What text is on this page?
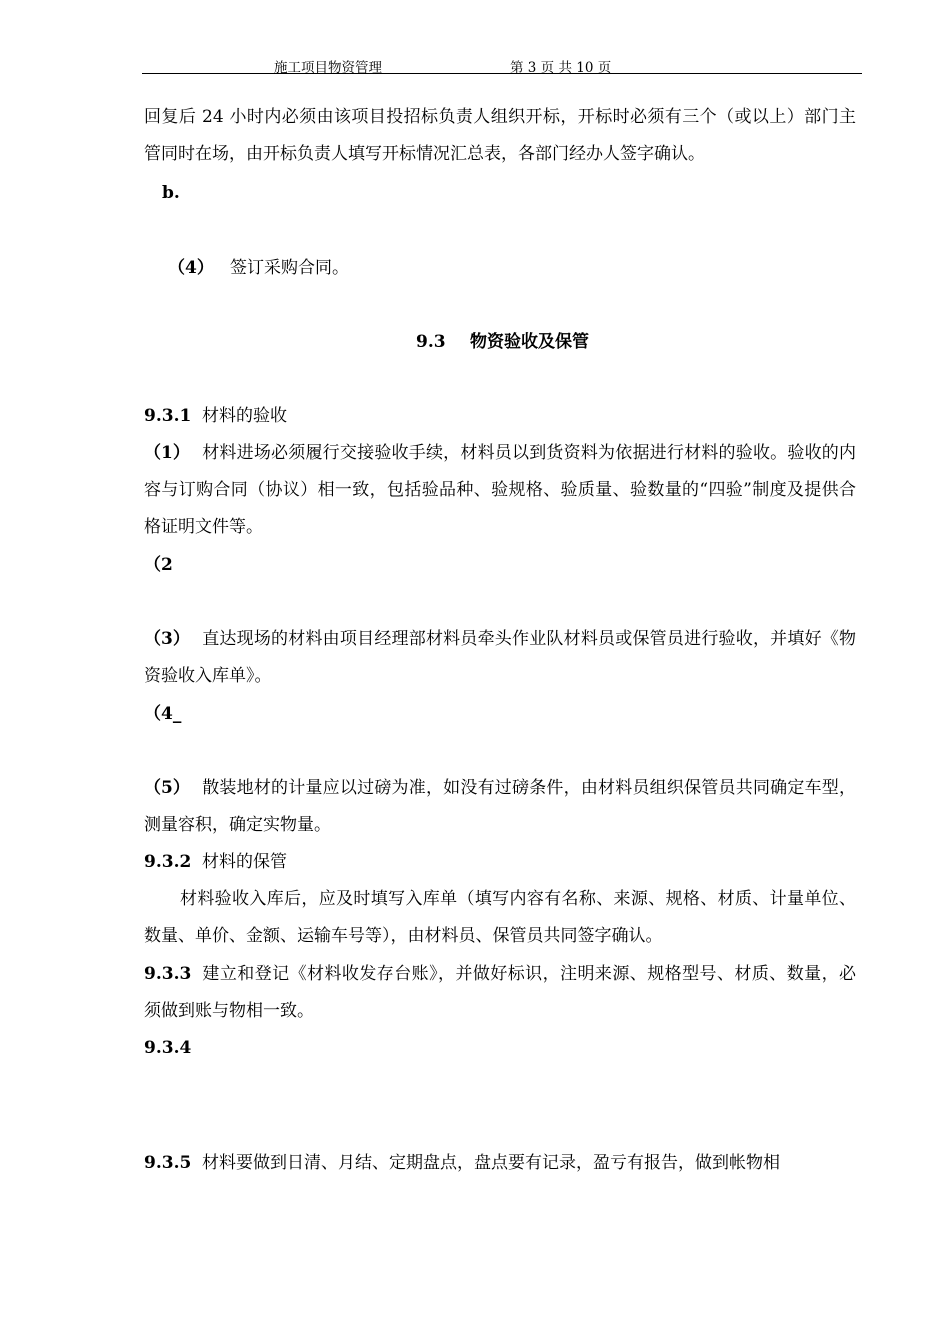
施工项目物资管理	第 3 页 共 10 页
回复后 24 小时内必须由该项目投招标负责人组织开标，开标时必须有三个（或以上）部门主管同时在场，由开标负责人填写开标情况汇总表，各部门经办人签字确认。
b.
（4） 签订采购合同。
9.3 物资验收及保管
9.3.1 材料的验收
（1） 材料进场必须履行交接验收手续，材料员以到货资料为依据进行材料的验收。验收的内容与订购合同（协议）相一致，包括验品种、验规格、验质量、验数量的“四验”制度及提供合格证明文件等。
（2
（3） 直达现场的材料由项目经理部材料员牵头作业队材料员或保管员进行验收，并填好《物资验收入库单》。
（4_
（5） 散装地材的计量应以过磅为准，如没有过磅条件，由材料员组织保管员共同确定车型，测量容积，确定实物量。
9.3.2 材料的保管
材料验收入库后，应及时填写入库单（填写内容有名称、来源、规格、材质、计量单位、数量、单价、金额、运输车号等），由材料员、保管员共同签字确认。
9.3.3 建立和登记《材料收发存台账》，并做好标识，注明来源、规格型号、材质、数量，必须做到账与物相一致。
9.3.4
9.3.5 材料要做到日清、月结、定期盘点，盘点要有记录，盈亏有报告，做到帐物相
